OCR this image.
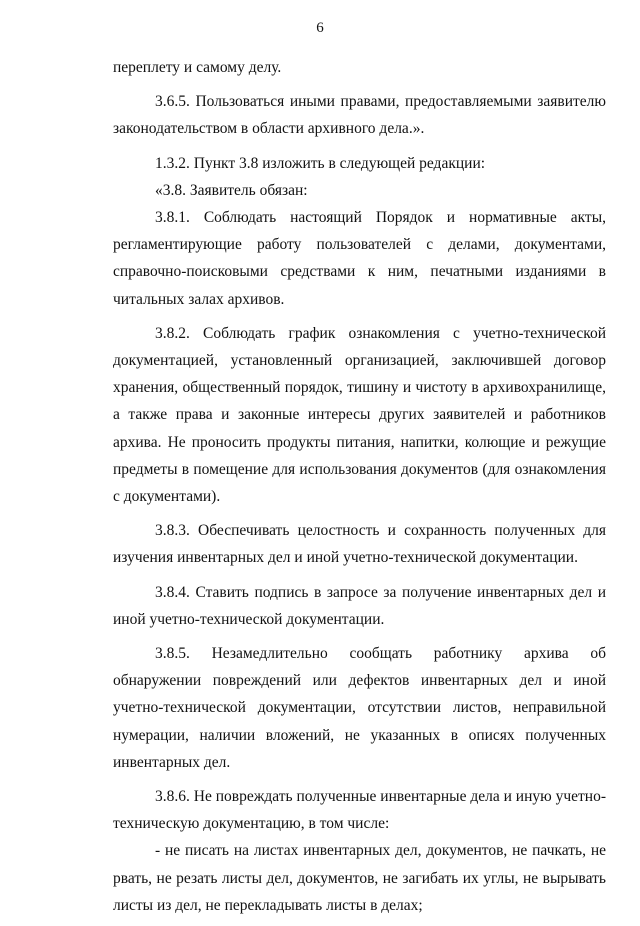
6

переплету и самому делу.

3.6.5. Пользоваться иными правами, предоставляемыми заявителю законодательством в области архивного дела.».

1.3.2. Пункт 3.8 изложить в следующей редакции:

«3.8. Заявитель обязан:

3.8.1. Соблюдать настоящий Порядок и нормативные акты, регламентирующие работу пользователей с делами, документами, справочно-поисковыми средствами к ним, печатными изданиями в читальных залах архивов.

3.8.2. Соблюдать график ознакомления с учетно-технической документацией, установленный организацией, заключившей договор хранения, общественный порядок, тишину и чистоту в архивохранилище, а также права и законные интересы других заявителей и работников архива. Не проносить продукты питания, напитки, колющие и режущие предметы в помещение для использования документов (для ознакомления с документами).

3.8.3. Обеспечивать целостность и сохранность полученных для изучения инвентарных дел и иной учетно-технической документации.

3.8.4. Ставить подпись в запросе за получение инвентарных дел и иной учетно-технической документации.

3.8.5. Незамедлительно сообщать работнику архива об обнаружении повреждений или дефектов инвентарных дел и иной учетно-технической документации, отсутствии листов, неправильной нумерации, наличии вложений, не указанных в описях полученных инвентарных дел.

3.8.6. Не повреждать полученные инвентарные дела и иную учетно-техническую документацию, в том числе:

- не писать на листах инвентарных дел, документов, не пачкать, не рвать, не резать листы дел, документов, не загибать их углы, не вырывать листы из дел, не перекладывать листы в делах;
